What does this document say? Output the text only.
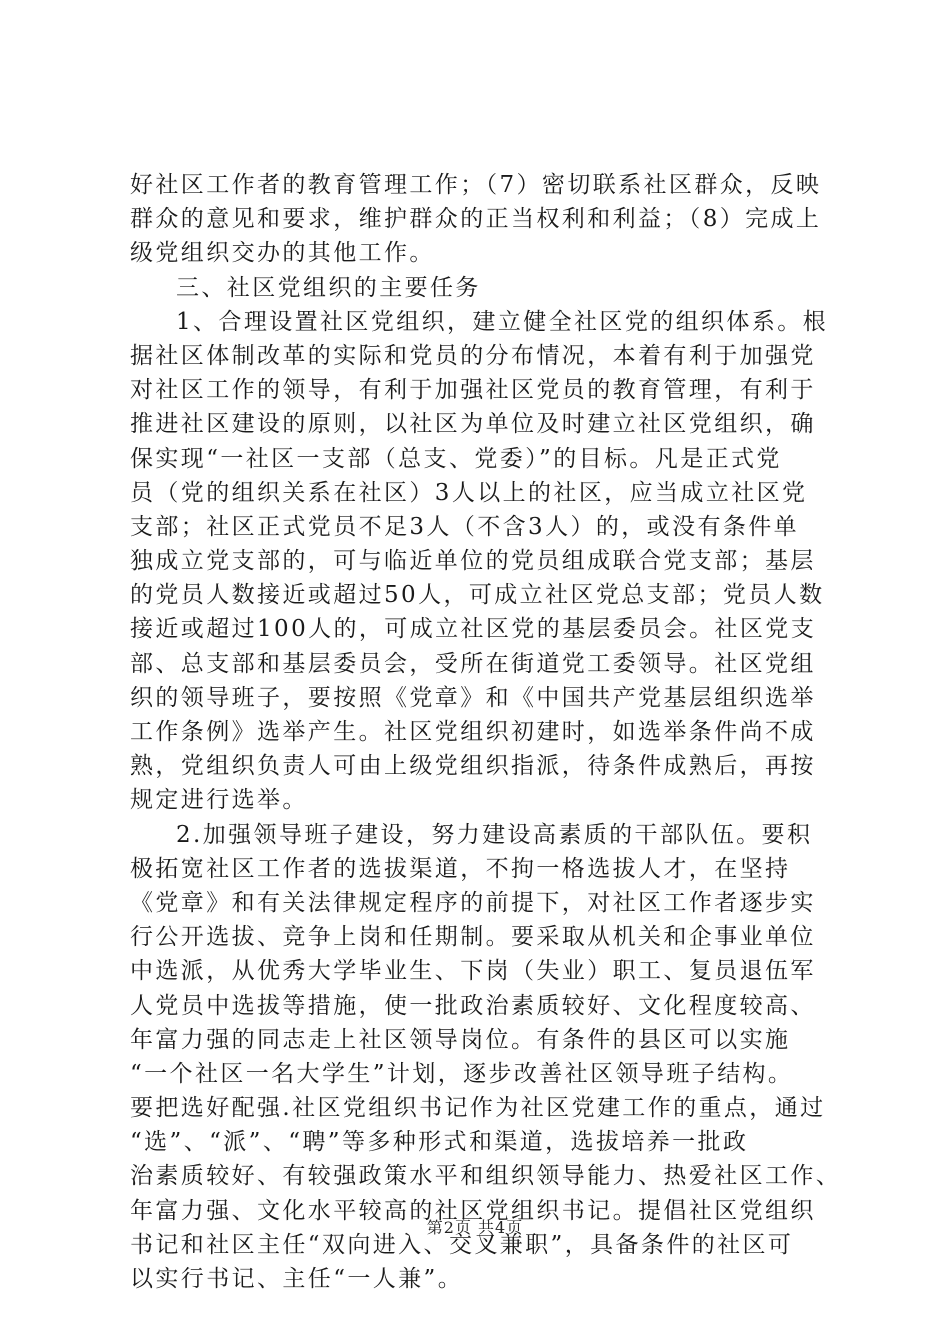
好社区工作者的教育管理工作；（7）密切联系社区群众，反映
群众的意见和要求，维护群众的正当权利和利益；（8）完成上
级党组织交办的其他工作。
三、社区党组织的主要任务
1、合理设置社区党组织，建立健全社区党的组织体系。根
据社区体制改革的实际和党员的分布情况，本着有利于加强党
对社区工作的领导，有利于加强社区党员的教育管理，有利于
推进社区建设的原则，以社区为单位及时建立社区党组织，确
保实现“一社区一支部（总支、党委）”的目标。凡是正式党
员（党的组织关系在社区）3人以上的社区，应当成立社区党
支部；社区正式党员不足3人（不含3人）的，或没有条件单
独成立党支部的，可与临近单位的党员组成联合党支部；基层
的党员人数接近或超过50人，可成立社区党总支部；党员人数
接近或超过100人的，可成立社区党的基层委员会。社区党支
部、总支部和基层委员会，受所在街道党工委领导。社区党组
织的领导班子，要按照《党章》和《中国共产党基层组织选举
工作条例》选举产生。社区党组织初建时，如选举条件尚不成
熟，党组织负责人可由上级党组织指派，待条件成熟后，再按
规定进行选举。
2.加强领导班子建设，努力建设高素质的干部队伍。要积
极拓宽社区工作者的选拔渠道，不拘一格选拔人才，在坚持
《党章》和有关法律规定程序的前提下，对社区工作者逐步实
行公开选拔、竞争上岗和任期制。要采取从机关和企事业单位
中选派，从优秀大学毕业生、下岗（失业）职工、复员退伍军
人党员中选拔等措施，使一批政治素质较好、文化程度较高、
年富力强的同志走上社区领导岗位。有条件的县区可以实施
“一个社区一名大学生”计划，逐步改善社区领导班子结构。
要把选好配强.社区党组织书记作为社区党建工作的重点，通过
“选”、“派”、“聘”等多种形式和渠道，选拔培养一批政
治素质较好、有较强政策水平和组织领导能力、热爱社区工作、
年富力强、文化水平较高的社区党组织书记。提倡社区党组织
书记和社区主任“双向进入、交叉兼职”，具备条件的社区可
以实行书记、主任“一人兼”。
第2页 共4页
